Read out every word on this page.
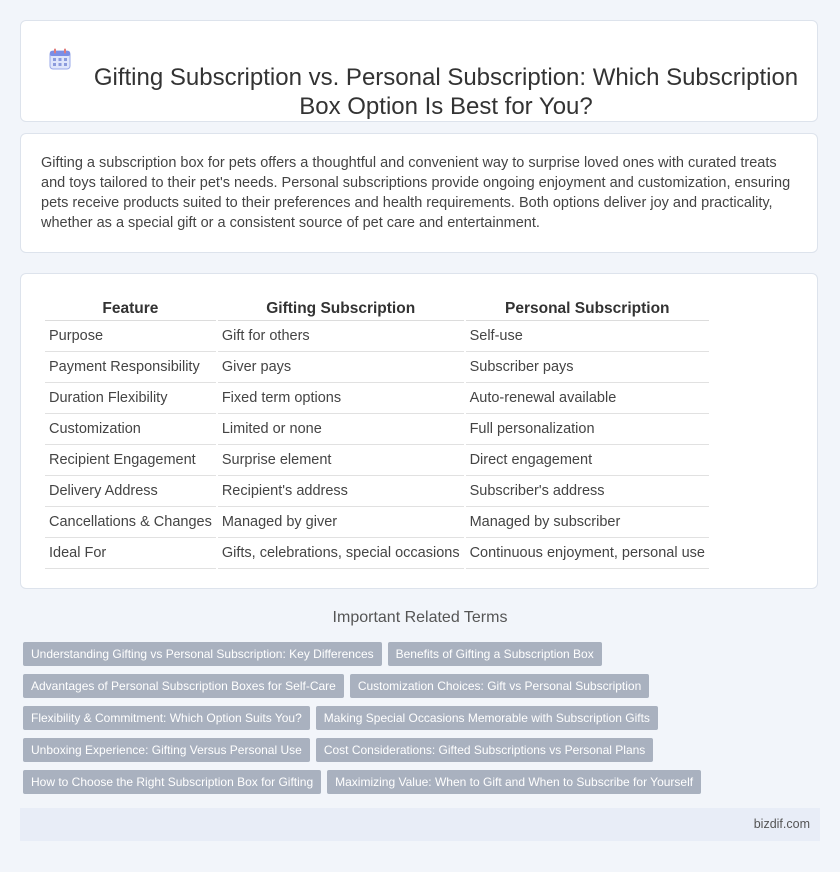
Gifting Subscription vs. Personal Subscription: Which Subscription Box Option Is Best for You?

Gifting a subscription box for pets offers a thoughtful and convenient way to surprise loved ones with curated treats and toys tailored to their pet's needs. Personal subscriptions provide ongoing enjoyment and customization, ensuring pets receive products suited to their preferences and health requirements. Both options deliver joy and practicality, whether as a special gift or a consistent source of pet care and entertainment.

Feature	Gifting Subscription	Personal Subscription
Purpose	Gift for others	Self-use
Payment Responsibility	Giver pays	Subscriber pays
Duration Flexibility	Fixed term options	Auto-renewal available
Customization	Limited or none	Full personalization
Recipient Engagement	Surprise element	Direct engagement
Delivery Address	Recipient's address	Subscriber's address
Cancellations & Changes	Managed by giver	Managed by subscriber
Ideal For	Gifts, celebrations, special occasions	Continuous enjoyment, personal use
Important Related Terms
Understanding Gifting vs Personal Subscription: Key Differences	Benefits of Gifting a Subscription Box
Advantages of Personal Subscription Boxes for Self-Care	Customization Choices: Gift vs Personal Subscription
Flexibility & Commitment: Which Option Suits You?	Making Special Occasions Memorable with Subscription Gifts
Unboxing Experience: Gifting Versus Personal Use	Cost Considerations: Gifted Subscriptions vs Personal Plans
How to Choose the Right Subscription Box for Gifting	Maximizing Value: When to Gift and When to Subscribe for Yourself
bizdif.com
